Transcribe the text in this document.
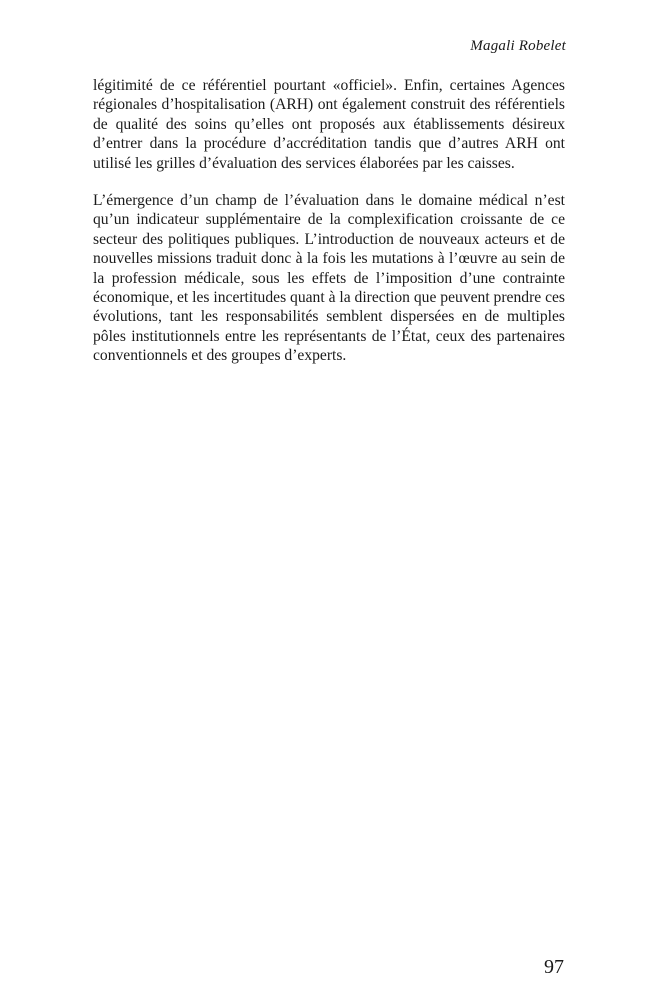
Magali Robelet

légitimité de ce référentiel pourtant «officiel». Enfin, certaines Agences régionales d’hospitalisation (ARH) ont également construit des référentiels de qualité des soins qu’elles ont proposés aux établissements désireux d’entrer dans la procédure d’accréditation tandis que d’autres ARH ont utilisé les grilles d’évaluation des services élaborées par les caisses.

L’émergence d’un champ de l’évaluation dans le domaine médical n’est qu’un indicateur supplémentaire de la complexification croissante de ce secteur des politiques publiques. L’introduction de nouveaux acteurs et de nouvelles missions traduit donc à la fois les mutations à l’œuvre au sein de la profession médicale, sous les effets de l’imposition d’une contrainte économique, et les incertitudes quant à la direction que peuvent prendre ces évolutions, tant les responsabilités semblent dispersées en de multiples pôles institutionnels entre les représentants de l’État, ceux des partenaires conventionnels et des groupes d’experts.

97
